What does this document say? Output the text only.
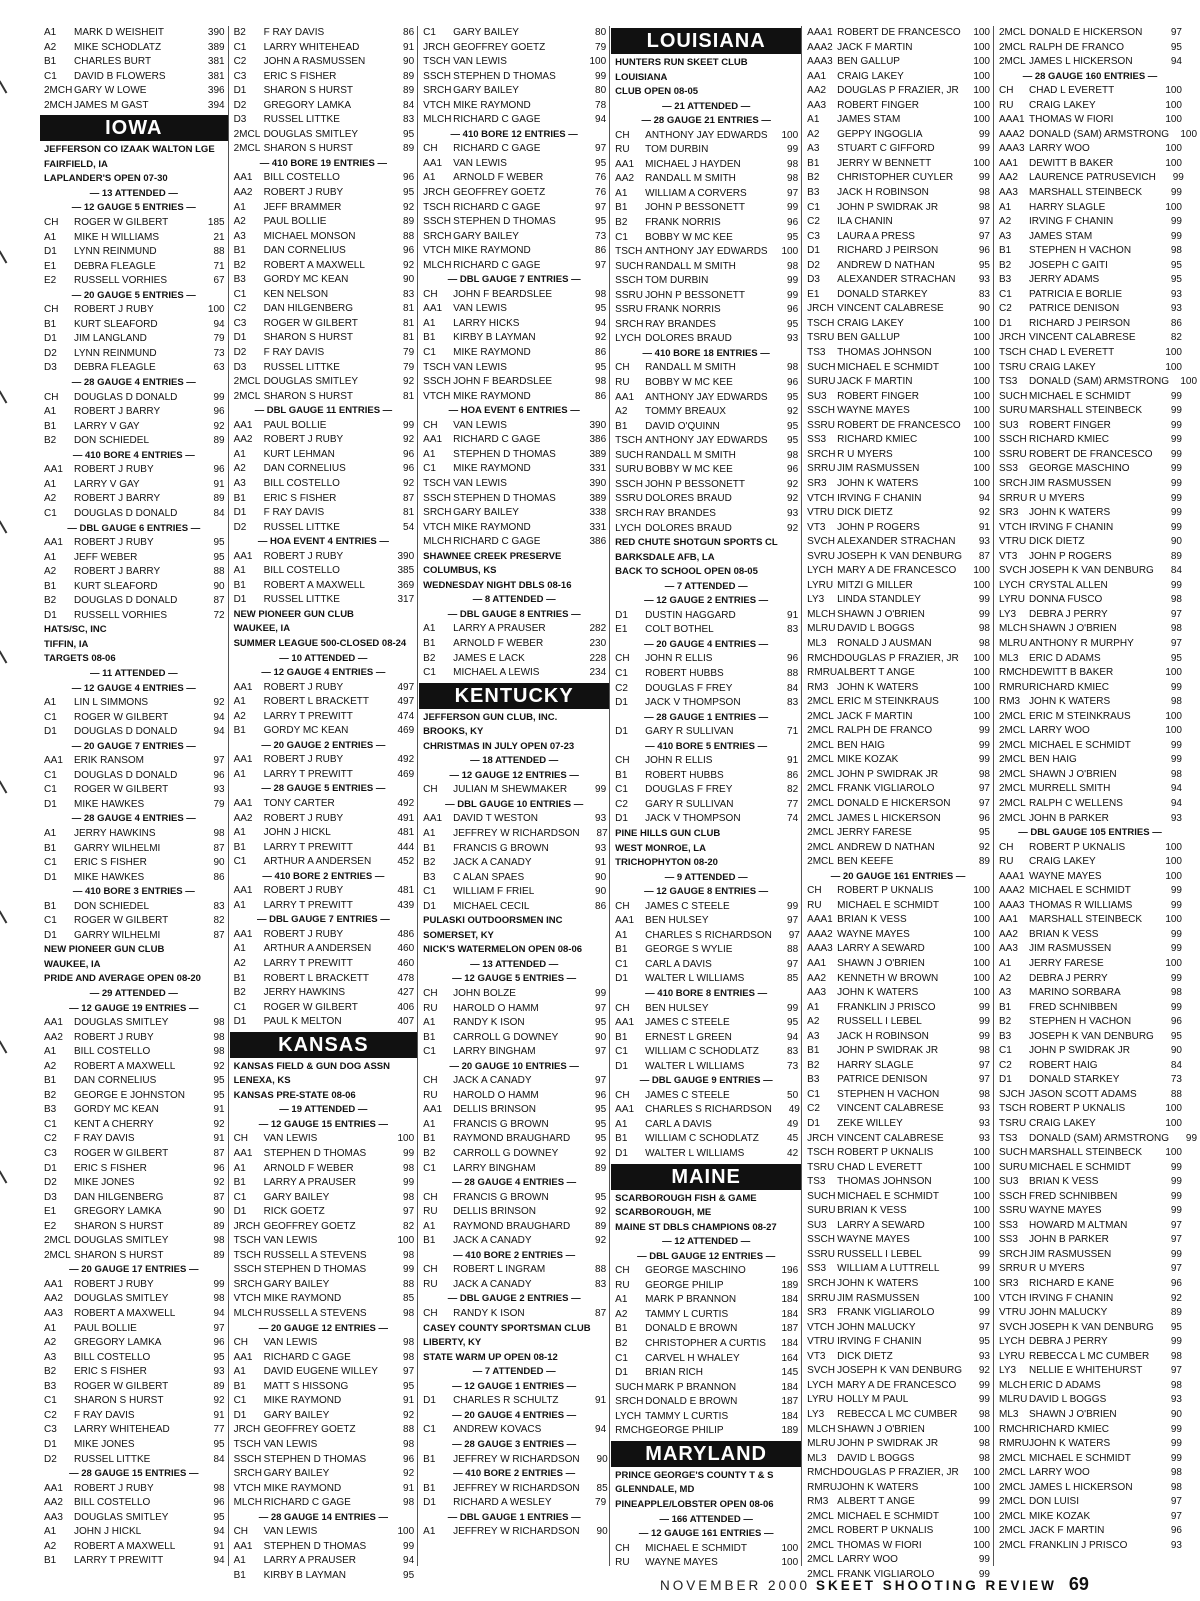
A1	MARK D WEISHEIT	390
A2	MIKE SCHODLATZ	389
B1	CHARLES BURT	381
C1	DAVID B FLOWERS	381
2MCH GARY W LOWE	396
2MCH JAMES M GAST	394
IOWA
JEFFERSON CO IZAAK WALTON LGE
FAIRFIELD, IA
LAPLANDER'S OPEN 07-30
— 13 ATTENDED —
— 12 GAUGE 5 ENTRIES —
CH	ROGER W GILBERT	185
A1	MIKE H WILLIAMS	21
D1	LYNN REINMUND	88
E1	DEBRA FLEAGLE	71
E2	RUSSELL VORHIES	67
— 20 GAUGE 5 ENTRIES —
CH	ROBERT J RUBY	100
B1	KURT SLEAFORD	94
D1	JIM LANGLAND	79
D2	LYNN REINMUND	73
D3	DEBRA FLEAGLE	63
— 28 GAUGE 4 ENTRIES —
CH	DOUGLAS D DONALD	99
A1	ROBERT J BARRY	96
B1	LARRY V GAY	92
B2	DON SCHIEDEL	89
— 410 BORE 4 ENTRIES —
AA1	ROBERT J RUBY	96
A1	LARRY V GAY	91
A2	ROBERT J BARRY	89
C1	DOUGLAS D DONALD	84
— DBL GAUGE 6 ENTRIES —
AA1	ROBERT J RUBY	95
A1	JEFF WEBER	95
A2	ROBERT J BARRY	88
B1	KURT SLEAFORD	90
B2	DOUGLAS D DONALD	87
D1	RUSSELL VORHIES	72
HATS/SC, INC
TIFFIN, IA
TARGETS 08-06
— 11 ATTENDED —
— 12 GAUGE 4 ENTRIES —
A1	LIN L SIMMONS	92
C1	ROGER W GILBERT	94
D1	DOUGLAS D DONALD	94
— 20 GAUGE 7 ENTRIES —
AA1	ERIK RANSOM	97
C1	DOUGLAS D DONALD	96
C1	ROGER W GILBERT	93
D1	MIKE HAWKES	79
— 28 GAUGE 4 ENTRIES —
A1	JERRY HAWKINS	98
B1	GARRY WILHELMI	87
C1	ERIC S FISHER	90
D1	MIKE HAWKES	86
— 410 BORE 3 ENTRIES —
B1	DON SCHIEDEL	83
C1	ROGER W GILBERT	82
D1	GARRY WILHELMI	87
NEW PIONEER GUN CLUB
WAUKEE, IA
PRIDE AND AVERAGE OPEN 08-20
— 29 ATTENDED —
— 12 GAUGE 19 ENTRIES —
AA1	DOUGLAS SMITLEY	98
AA2	ROBERT J RUBY	98
A1	BILL COSTELLO	98
A2	ROBERT A MAXWELL	92
B1	DAN CORNELIUS	95
B2	GEORGE E JOHNSTON	95
B3	GORDY MC KEAN	91
C1	KENT A CHERRY	92
C2	F RAY DAVIS	91
C3	ROGER W GILBERT	87
D1	ERIC S FISHER	96
D2	MIKE JONES	92
D3	DAN HILGENBERG	87
E1	GREGORY LAMKA	90
E2	SHARON S HURST	89
2MCL DOUGLAS SMITLEY	98
2MCL SHARON S HURST	89
— 20 GAUGE 17 ENTRIES —
AA1	ROBERT J RUBY	99
AA2	DOUGLAS SMITLEY	98
AA3	ROBERT A MAXWELL	94
A1	PAUL BOLLIE	97
A2	GREGORY LAMKA	96
A3	BILL COSTELLO	95
B2	ERIC S FISHER	93
B3	ROGER W GILBERT	89
C1	SHARON S HURST	92
C2	F RAY DAVIS	91
C3	LARRY WHITEHEAD	77
D1	MIKE JONES	95
D2	RUSSEL LITTKE	84
— 28 GAUGE 15 ENTRIES —
AA1	ROBERT J RUBY	98
AA2	BILL COSTELLO	96
AA3	DOUGLAS SMITLEY	95
A1	JOHN J HICKL	94
A2	ROBERT A MAXWELL	91
B1	LARRY T PREWITT	94
B2	F RAY DAVIS	86
C1	LARRY WHITEHEAD	91
C2	JOHN A RASMUSSEN	90
C3	ERIC S FISHER	89
D1	SHARON S HURST	89
D2	GREGORY LAMKA	84
D3	RUSSEL LITTKE	83
2MCL DOUGLAS SMITLEY	95
2MCL SHARON S HURST	89
— 410 BORE 19 ENTRIES —
AA1	BILL COSTELLO	96
AA2	ROBERT J RUBY	95
A1	JEFF BRAMMER	92
A2	PAUL BOLLIE	89
A3	MICHAEL MONSON	88
B1	DAN CORNELIUS	96
B2	ROBERT A MAXWELL	92
B3	GORDY MC KEAN	90
C1	KEN NELSON	83
C2	DAN HILGENBERG	81
C3	ROGER W GILBERT	81
D1	SHARON S HURST	81
D2	F RAY DAVIS	79
D3	RUSSEL LITTKE	79
2MCL DOUGLAS SMITLEY	92
2MCL SHARON S HURST	81
— DBL GAUGE 11 ENTRIES —
AA1	PAUL BOLLIE	99
AA2	ROBERT J RUBY	92
A1	KURT LEHMAN	96
A2	DAN CORNELIUS	96
A3	BILL COSTELLO	92
B1	ERIC S FISHER	87
D1	F RAY DAVIS	81
D2	RUSSEL LITTKE	54
— HOA EVENT 4 ENTRIES —
AA1	ROBERT J RUBY	390
A1	BILL COSTELLO	385
B1	ROBERT A MAXWELL	369
D1	RUSSEL LITTKE	317
NEW PIONEER GUN CLUB
WAUKEE, IA
SUMMER LEAGUE 500-CLOSED 08-24
— 10 ATTENDED —
— 12 GAUGE 4 ENTRIES —
AA1	ROBERT J RUBY	497
A1	ROBERT L BRACKETT	497
A2	LARRY T PREWITT	474
B1	GORDY MC KEAN	469
— 20 GAUGE 2 ENTRIES —
AA1	ROBERT J RUBY	492
A1	LARRY T PREWITT	469
— 28 GAUGE 5 ENTRIES —
AA1	TONY CARTER	492
AA2	ROBERT J RUBY	491
A1	JOHN J HICKL	481
B1	LARRY T PREWITT	444
C1	ARTHUR A ANDERSEN	452
— 410 BORE 2 ENTRIES —
AA1	ROBERT J RUBY	481
A1	LARRY T PREWITT	439
— DBL GAUGE 7 ENTRIES —
AA1	ROBERT J RUBY	486
A1	ARTHUR A ANDERSEN	460
A2	LARRY T PREWITT	460
B1	ROBERT L BRACKETT	478
B2	JERRY HAWKINS	427
C1	ROGER W GILBERT	406
D1	PAUL K MELTON	407
KANSAS
KANSAS FIELD & GUN DOG ASSN
LENEXA, KS
KANSAS PRE-STATE 08-06
— 19 ATTENDED —
— 12 GAUGE 15 ENTRIES —
CH	VAN LEWIS	100
AA1	STEPHEN D THOMAS	99
A1	ARNOLD F WEBER	98
B1	LARRY A PRAUSER	99
C1	GARY BAILEY	98
D1	RICK GOETZ	97
JRCH GEOFFREY GOETZ	82
TSCH VAN LEWIS	100
TSCH RUSSELL A STEVENS	98
SSCH STEPHEN D THOMAS	99
SRCH GARY BAILEY	88
VTCH MIKE RAYMOND	85
MLCH RUSSELL A STEVENS	98
— 20 GAUGE 12 ENTRIES —
CH	VAN LEWIS	98
AA1	RICHARD C GAGE	98
A1	DAVID EUGENE WILLEY	97
B1	MATT S HISSONG	95
C1	MIKE RAYMOND	91
D1	GARY BAILEY	92
JRCH GEOFFREY GOETZ	88
TSCH VAN LEWIS	98
SSCH STEPHEN D THOMAS	96
SRCH GARY BAILEY	92
VTCH MIKE RAYMOND	91
MLCH RICHARD C GAGE	98
— 28 GAUGE 14 ENTRIES —
CH	VAN LEWIS	100
AA1	STEPHEN D THOMAS	99
A1	LARRY A PRAUSER	94
B1	KIRBY B LAYMAN	95
C1	GARY BAILEY	80
JRCH GEOFFREY GOETZ	79
TSCH VAN LEWIS	100
SSCH STEPHEN D THOMAS	99
SRCH GARY BAILEY	80
VTCH MIKE RAYMOND	78
MLCH RICHARD C GAGE	94
— 410 BORE 12 ENTRIES —
CH	RICHARD C GAGE	97
AA1	VAN LEWIS	95
A1	ARNOLD F WEBER	76
JRCH GEOFFREY GOETZ	76
TSCH RICHARD C GAGE	97
SSCH STEPHEN D THOMAS	95
SRCH GARY BAILEY	73
VTCH MIKE RAYMOND	86
MLCH RICHARD C GAGE	97
— DBL GAUGE 7 ENTRIES —
CH	JOHN F BEARDSLEE	98
AA1	VAN LEWIS	95
A1	LARRY HICKS	94
B1	KIRBY B LAYMAN	92
C1	MIKE RAYMOND	86
TSCH VAN LEWIS	95
SSCH JOHN F BEARDSLEE	98
VTCH MIKE RAYMOND	86
— HOA EVENT 6 ENTRIES —
CH	VAN LEWIS	390
AA1	RICHARD C GAGE	386
A1	STEPHEN D THOMAS	389
C1	MIKE RAYMOND	331
TSCH VAN LEWIS	390
SSCH STEPHEN D THOMAS	389
SRCH GARY BAILEY	338
VTCH MIKE RAYMOND	331
MLCH RICHARD C GAGE	386
SHAWNEE CREEK PRESERVE
COLUMBUS, KS
WEDNESDAY NIGHT DBLS 08-16
— 8 ATTENDED —
— DBL GAUGE 8 ENTRIES —
A1	LARRY A PRAUSER	282
B1	ARNOLD F WEBER	230
B2	JAMES E LACK	228
C1	MICHAEL A LEWIS	234
KENTUCKY
JEFFERSON GUN CLUB, INC.
BROOKS, KY
CHRISTMAS IN JULY OPEN 07-23
— 18 ATTENDED —
— 12 GAUGE 12 ENTRIES —
CH	JULIAN M SHEWMAKER	99
— DBL GAUGE 10 ENTRIES —
AA1	DAVID T WESTON	93
A1	JEFFREY W RICHARDSON	87
B1	FRANCIS G BROWN	93
B2	JACK A CANADY	91
B3	C ALAN SPAES	90
C1	WILLIAM F FRIEL	90
D1	MICHAEL CECIL	86
PULASKI OUTDOORSMEN INC
SOMERSET, KY
NICK'S WATERMELON OPEN 08-06
— 13 ATTENDED —
— 12 GAUGE 5 ENTRIES —
CH	JOHN BOLZE	99
RU	HAROLD O HAMM	97
A1	RANDY K ISON	95
B1	CARROLL G DOWNEY	90
C1	LARRY BINGHAM	97
— 20 GAUGE 10 ENTRIES —
CH	JACK A CANADY	97
RU	HAROLD O HAMM	96
AA1	DELLIS BRINSON	95
A1	FRANCIS G BROWN	95
B1	RAYMOND BRAUGHARD	95
B2	CARROLL G DOWNEY	92
C1	LARRY BINGHAM	89
— 28 GAUGE 4 ENTRIES —
CH	FRANCIS G BROWN	95
RU	DELLIS BRINSON	92
A1	RAYMOND BRAUGHARD	89
B1	JACK A CANADY	92
— 410 BORE 2 ENTRIES —
CH	ROBERT L INGRAM	88
RU	JACK A CANADY	83
— DBL GAUGE 2 ENTRIES —
CH	RANDY K ISON	87
CASEY COUNTY SPORTSMAN CLUB
LIBERTY, KY
STATE WARM UP OPEN 08-12
— 7 ATTENDED —
— 12 GAUGE 1 ENTRIES —
D1	CHARLES R SCHULTZ	91
— 20 GAUGE 4 ENTRIES —
C1	ANDREW KOVACS	94
— 28 GAUGE 3 ENTRIES —
B1	JEFFREY W RICHARDSON	90
— 410 BORE 2 ENTRIES —
B1	JEFFREY W RICHARDSON	85
D1	RICHARD A WESLEY	79
— DBL GAUGE 1 ENTRIES —
A1	JEFFREY W RICHARDSON	90
LOUISIANA
HUNTERS RUN SKEET CLUB
LOUISIANA
CLUB OPEN 08-05
— 21 ATTENDED —
— 28 GAUGE 21 ENTRIES —
CH	ANTHONY JAY EDWARDS	100
RU	TOM DURBIN	99
AA1	MICHAEL J HAYDEN	98
AA2	RANDALL M SMITH	98
A1	WILLIAM A CORVERS	97
B1	JOHN P BESSONETT	99
B2	FRANK NORRIS	96
C1	BOBBY W MC KEE	95
TSCH ANTHONY JAY EDWARDS	100
SUCH RANDALL M SMITH	98
SSCH TOM DURBIN	99
SSRU JOHN P BESSONETT	99
SSRU FRANK NORRIS	96
SRCH RAY BRANDES	95
LYCH DOLORES BRAUD	93
— 410 BORE 18 ENTRIES —
CH	RANDALL M SMITH	98
RU	BOBBY W MC KEE	96
AA1	ANTHONY JAY EDWARDS	95
A2	TOMMY BREAUX	92
B1	DAVID O'QUINN	95
TSCH ANTHONY JAY EDWARDS	95
SUCH RANDALL M SMITH	98
SURU BOBBY W MC KEE	96
SSCH JOHN P BESSONETT	92
SSRU DOLORES BRAUD	92
SRCH RAY BRANDES	93
LYCH DOLORES BRAUD	92
RED CHUTE SHOTGUN SPORTS CL
BARKSDALE AFB, LA
BACK TO SCHOOL OPEN 08-05
— 7 ATTENDED —
— 12 GAUGE 2 ENTRIES —
D1	DUSTIN HAGGARD	91
E1	COLT BOTHEL	83
— 20 GAUGE 4 ENTRIES —
CH	JOHN R ELLIS	96
C1	ROBERT HUBBS	88
C2	DOUGLAS F FREY	84
D1	JACK V THOMPSON	83
— 28 GAUGE 1 ENTRIES —
D1	GARY R SULLIVAN	71
— 410 BORE 5 ENTRIES —
CH	JOHN R ELLIS	91
B1	ROBERT HUBBS	86
C1	DOUGLAS F FREY	82
C2	GARY R SULLIVAN	77
D1	JACK V THOMPSON	74
PINE HILLS GUN CLUB
WEST MONROE, LA
TRICHOPHYTON 08-20
— 9 ATTENDED —
— 12 GAUGE 8 ENTRIES —
CH	JAMES C STEELE	99
AA1	BEN HULSEY	97
A1	CHARLES S RICHARDSON	97
B1	GEORGE S WYLIE	88
C1	CARL A DAVIS	97
D1	WALTER L WILLIAMS	85
— 410 BORE 8 ENTRIES —
CH	BEN HULSEY	99
AA1	JAMES C STEELE	95
B1	ERNEST L GREEN	94
C1	WILLIAM C SCHODLATZ	83
D1	WALTER L WILLIAMS	73
— DBL GAUGE 9 ENTRIES —
CH	JAMES C STEELE	50
AA1	CHARLES S RICHARDSON	49
A1	CARL A DAVIS	49
B1	WILLIAM C SCHODLATZ	45
D1	WALTER L WILLIAMS	42
MAINE
SCARBOROUGH FISH & GAME
SCARBOROUGH, ME
MAINE ST DBLS CHAMPIONS 08-27
— 12 ATTENDED —
— DBL GAUGE 12 ENTRIES —
CH	GEORGE MASCHINO	196
RU	GEORGE PHILIP	189
A1	MARK P BRANNON	184
A2	TAMMY L CURTIS	184
B1	DONALD E BROWN	187
B2	CHRISTOPHER A CURTIS	184
C1	CARVEL H WHALEY	164
D1	BRIAN RICH	145
SUCH MARK P BRANNON	184
SRCH DONALD E BROWN	187
LYCH TAMMY L CURTIS	184
RMCH GEORGE PHILIP	189
MARYLAND
PRINCE GEORGE'S COUNTY T & S
GLENNDALE, MD
PINEAPPLE/LOBSTER OPEN 08-06
— 166 ATTENDED —
— 12 GAUGE 161 ENTRIES —
CH	MICHAEL E SCHMIDT	100
RU	WAYNE MAYES	100
AAA1 ROBERT DE FRANCESCO	100
AAA2 JACK F MARTIN	100
AAA3 BEN GALLUP	100
AA1	CRAIG LAKEY	100
AA2	DOUGLAS P FRAZIER, JR	100
AA3	ROBERT FINGER	100
A1	JAMES STAM	100
A2	GEPPY INGOGLIA	99
A3	STUART C GIFFORD	99
B1	JERRY W BENNETT	100
B2	CHRISTOPHER CUYLER	99
B3	JACK H ROBINSON	98
C1	JOHN P SWIDRAK JR	98
C2	ILA CHANIN	97
C3	LAURA A PRESS	97
D1	RICHARD J PEIRSON	96
D2	ANDREW D NATHAN	95
D3	ALEXANDER STRACHAN	93
E1	DONALD STARKEY	83
JRCH VINCENT CALABRESE	90
TSCH CRAIG LAKEY	100
TSRU BEN GALLUP	100
TS3	THOMAS JOHNSON	100
SUCH MICHAEL E SCHMIDT	100
SURU JACK F MARTIN	100
SU3	ROBERT FINGER	100
SSCH WAYNE MAYES	100
SSRU ROBERT DE FRANCESCO	100
SS3	RICHARD KMIEC	100
SRCH R U MYERS	100
SRRU JIM RASMUSSEN	100
SR3	JOHN K WATERS	100
VTCH IRVING F CHANIN	94
VTRU DICK DIETZ	92
VT3	JOHN P ROGERS	91
SVCH ALEXANDER STRACHAN	93
SVRU JOSEPH K VAN DENBURG	87
LYCH MARY A DE FRANCESCO	100
LYRU MITZI G MILLER	100
LY3	LINDA STANDLEY	99
MLCH SHAWN J O'BRIEN	99
MLRU DAVID L BOGGS	98
ML3	RONALD J AUSMAN	98
RMCH DOUGLAS P FRAZIER, JR	100
RMRU ALBERT T ANGE	100
RM3 JOHN K WATERS	100
2MCL ERIC M STEINKRAUS	100
2MCL JACK F MARTIN	100
2MCL RALPH DE FRANCO	99
2MCL BEN HAIG	99
2MCL MIKE KOZAK	99
2MCL JOHN P SWIDRAK JR	98
2MCL FRANK VIGLIAROLO	97
2MCL DONALD E HICKERSON	97
2MCL JAMES L HICKERSON	96
2MCL JERRY FARESE	95
2MCL ANDREW D NATHAN	92
2MCL BEN KEEFE	89
— 20 GAUGE 161 ENTRIES —
CH	ROBERT P UKNALIS	100
RU	MICHAEL E SCHMIDT	100
AAA1 BRIAN K VESS	100
AAA2 WAYNE MAYES	100
AAA3 LARRY A SEWARD	100
AA1	SHAWN J O'BRIEN	100
AA2	KENNETH W BROWN	100
AA3	JOHN K WATERS	100
A1	FRANKLIN J PRISCO	99
A2	RUSSELL I LEBEL	99
A3	JACK H ROBINSON	99
B1	JOHN P SWIDRAK JR	98
B2	HARRY SLAGLE	97
B3	PATRICE DENISON	97
C1	STEPHEN H VACHON	98
C2	VINCENT CALABRESE	93
D1	ZEKE WILLEY	93
JRCH VINCENT CALABRESE	93
TSCH ROBERT P UKNALIS	100
TSRU CHAD L EVERETT	100
TS3	THOMAS JOHNSON	100
SUCH MICHAEL E SCHMIDT	100
SURU BRIAN K VESS	100
SU3	LARRY A SEWARD	100
SSCH WAYNE MAYES	100
SSRU RUSSELL I LEBEL	99
SS3	WILLIAM A LUTTRELL	99
SRCH JOHN K WATERS	100
SRRU JIM RASMUSSEN	100
SR3	FRANK VIGLIAROLO	99
VTCH JOHN MALUCKY	97
VTRU IRVING F CHANIN	95
VT3	DICK DIETZ	93
SVCH JOSEPH K VAN DENBURG	92
LYCH MARY A DE FRANCESCO	99
LYRU HOLLY M PAUL	99
LY3	REBECCA L MC CUMBER	98
MLCH SHAWN J O'BRIEN	100
MLRU JOHN P SWIDRAK JR	98
ML3	DAVID L BOGGS	98
RMCH DOUGLAS P FRAZIER, JR	100
RMRU JOHN K WATERS	100
RM3 ALBERT T ANGE	99
2MCL MICHAEL E SCHMIDT	100
2MCL ROBERT P UKNALIS	100
2MCL THOMAS W FIORI	100
2MCL LARRY WOO	99
2MCL FRANK VIGLIAROLO	99
2MCL DONALD E HICKERSON	97
2MCL RALPH DE FRANCO	95
2MCL JAMES L HICKERSON	94
— 28 GAUGE 160 ENTRIES —
CH	CHAD L EVERETT	100
RU	CRAIG LAKEY	100
AAA1 THOMAS W FIORI	100
AAA2 DONALD (SAM) ARMSTRONG	100
AAA3 LARRY WOO	100
AA1	DEWITT B BAKER	100
AA2	LAURENCE PATRUSEVICH	99
AA3	MARSHALL STEINBECK	99
A1	HARRY SLAGLE	100
A2	IRVING F CHANIN	99
A3	JAMES STAM	99
B1	STEPHEN H VACHON	98
B2	JOSEPH C GAITI	95
B3	JERRY ADAMS	95
C1	PATRICIA E BORLIE	93
C2	PATRICE DENISON	93
D1	RICHARD J PEIRSON	86
JRCH VINCENT CALABRESE	82
TSCH CHAD L EVERETT	100
TSRU CRAIG LAKEY	100
TS3	DONALD (SAM) ARMSTRONG	100
SUCH MICHAEL E SCHMIDT	99
SURU MARSHALL STEINBECK	99
SU3	ROBERT FINGER	99
SSCH RICHARD KMIEC	99
SSRU ROBERT DE FRANCESCO	99
SS3	GEORGE MASCHINO	99
SRCH JIM RASMUSSEN	99
SRRU R U MYERS	99
SR3	JOHN K WATERS	99
VTCH IRVING F CHANIN	99
VTRU DICK DIETZ	90
VT3	JOHN P ROGERS	89
SVCH JOSEPH K VAN DENBURG	84
LYCH CRYSTAL ALLEN	99
LYRU DONNA FUSCO	98
LY3	DEBRA J PERRY	97
MLCH SHAWN J O'BRIEN	98
MLRU ANTHONY R MURPHY	97
ML3	ERIC D ADAMS	95
RMCH DEWITT B BAKER	100
RMRU RICHARD KMIEC	99
RM3 JOHN K WATERS	98
2MCL ERIC M STEINKRAUS	100
2MCL LARRY WOO	100
2MCL MICHAEL E SCHMIDT	99
2MCL BEN HAIG	99
2MCL SHAWN J O'BRIEN	98
2MCL MURRELL SMITH	94
2MCL RALPH C WELLENS	94
2MCL JOHN B PARKER	93
— DBL GAUGE 105 ENTRIES —
CH	ROBERT P UKNALIS	100
RU	CRAIG LAKEY	100
AAA1 WAYNE MAYES	100
AAA2 MICHAEL E SCHMIDT	99
AAA3 THOMAS R WILLIAMS	99
AA1	MARSHALL STEINBECK	100
AA2	BRIAN K VESS	99
AA3	JIM RASMUSSEN	99
A1	JERRY FARESE	100
A2	DEBRA J PERRY	99
A3	MARINO SORBARA	98
B1	FRED SCHNIBBEN	99
B2	STEPHEN H VACHON	96
B3	JOSEPH K VAN DENBURG	95
C1	JOHN P SWIDRAK JR	90
C2	ROBERT HAIG	84
D1	DONALD STARKEY	73
SJCH JASON SCOTT ADAMS	88
TSCH ROBERT P UKNALIS	100
TSRU CRAIG LAKEY	100
TS3	DONALD (SAM) ARMSTRONG	99
SUCH MARSHALL STEINBECK	100
SURU MICHAEL E SCHMIDT	99
SU3	BRIAN K VESS	99
SSCH FRED SCHNIBBEN	99
SSRU WAYNE MAYES	99
SS3	HOWARD M ALTMAN	97
SS3	JOHN B PARKER	97
SRCH JIM RASMUSSEN	99
SRRU R U MYERS	97
SR3	RICHARD E KANE	96
VTCH IRVING F CHANIN	92
VTRU JOHN MALUCKY	89
SVCH JOSEPH K VAN DENBURG	95
LYCH DEBRA J PERRY	99
LYRU REBECCA L MC CUMBER	98
LY3	NELLIE E WHITEHURST	97
MLCH ERIC D ADAMS	98
MLRU DAVID L BOGGS	93
ML3	SHAWN J O'BRIEN	90
RMCH RICHARD KMIEC	99
RMRU JOHN K WATERS	99
2MCL MICHAEL E SCHMIDT	99
2MCL LARRY WOO	98
2MCL JAMES L HICKERSON	98
2MCL DON LUISI	97
2MCL MIKE KOZAK	97
2MCL JACK F MARTIN	96
2MCL FRANKLIN J PRISCO	93
NOVEMBER 2000 SKEET SHOOTING REVIEW 69
